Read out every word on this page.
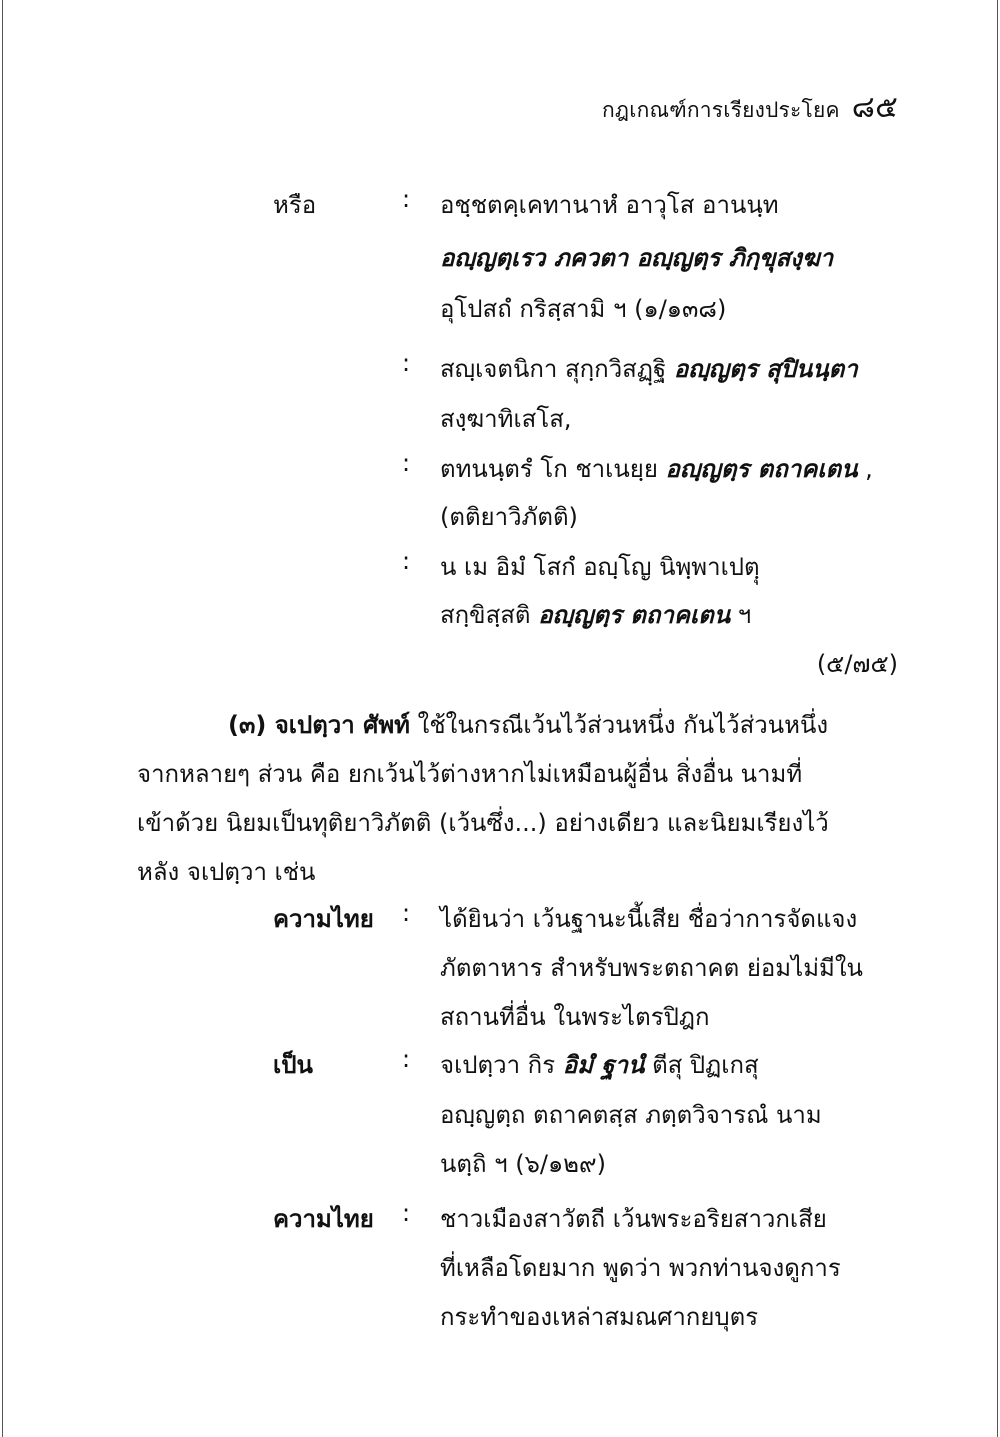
กฎเกณฑ์การเรียงประโยค ๘๕
หรือ	: อชฺชตคฺเคทานาหํ อาวุโส อานนฺท
อญฺญตฺเรว ภควตา อญฺญตฺร ภิกฺขุสงฺฆา
อุโปสถํ กริสฺสามิ ฯ (๑/๑๓๘)
: สญฺเจตนิกา สุกฺกวิสฏฺฐิ อญฺญตฺร สุปินนฺตา
สงฺฆาทิเสโส,
: ตทนนฺตรํ โก ชาเนยฺย อญฺญตฺร ตถาคเตน ,
(ตติยาวิภัตติ)
: น เม อิมํ โสกํ อญฺโญ นิพฺพาเปตฺุ
สกฺขิสฺสติ อญฺญตฺร ตถาคเตน ฯ
(๕/๗๕)
(๓) จเปตฺวา ศัพท์ ใช้ในกรณีเว้นไว้ส่วนหนึ่ง กันไว้ส่วนหนึ่ง
จากหลายๆ ส่วน คือ ยกเว้นไว้ต่างหากไม่เหมือนผู้อื่น สิ่งอื่น นามที่
เข้าด้วย นิยมเป็นทุติยาวิภัตติ (เว้นซึ่ง...) อย่างเดียว และนิยมเรียงไว้
หลัง จเปตฺวา เช่น
ความไทย : ได้ยินว่า เว้นฐานะนี้เสีย ชื่อว่าการจัดแจง
ภัตตาหาร สำหรับพระตถาคต ย่อมไม่มีใน
สถานที่อื่น ในพระไตรปิฎก
เป็น	: จเปตฺวา กิร อิมํ ฐานํ ตีสุ ปิฏเกสุ
อญฺญตฺถ ตถาคตสฺส ภตฺตวิจารณํ นาม
นตฺถิ ฯ (๖/๑๒๙)
ความไทย : ชาวเมืองสาวัตถี เว้นพระอริยสาวกเสีย
ที่เหลือโดยมาก พูดว่า พวกท่านจงดูการ
กระทำของเหล่าสมณศากยบุตร
